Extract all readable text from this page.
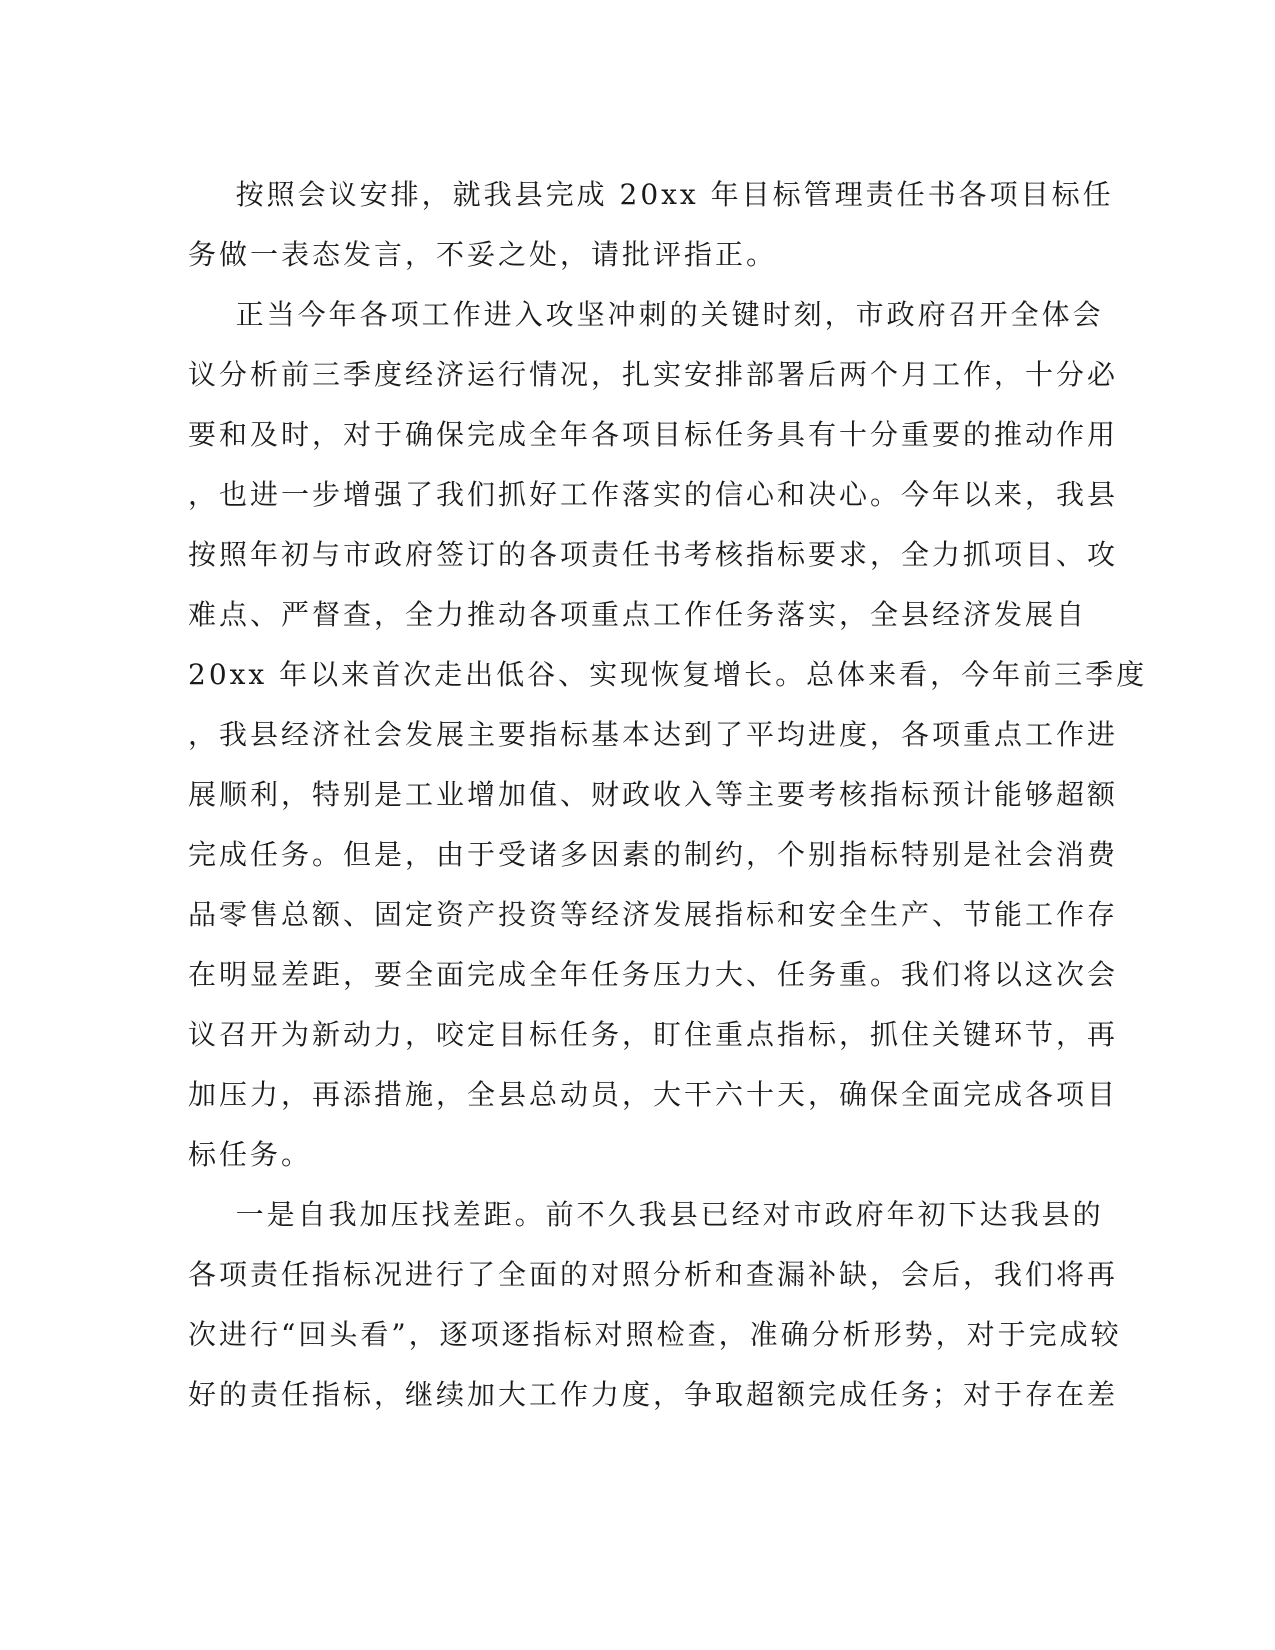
按照会议安排，就我县完成 20xx 年目标管理责任书各项目标任
务做一表态发言，不妥之处，请批评指正。
正当今年各项工作进入攻坚冲刺的关键时刻，市政府召开全体会
议分析前三季度经济运行情况，扎实安排部署后两个月工作，十分必
要和及时，对于确保完成全年各项目标任务具有十分重要的推动作用
，也进一步增强了我们抓好工作落实的信心和决心。今年以来，我县
按照年初与市政府签订的各项责任书考核指标要求，全力抓项目、攻
难点、严督查，全力推动各项重点工作任务落实，全县经济发展自
20xx 年以来首次走出低谷、实现恢复增长。总体来看，今年前三季度
，我县经济社会发展主要指标基本达到了平均进度，各项重点工作进
展顺利，特别是工业增加值、财政收入等主要考核指标预计能够超额
完成任务。但是，由于受诸多因素的制约，个别指标特别是社会消费
品零售总额、固定资产投资等经济发展指标和安全生产、节能工作存
在明显差距，要全面完成全年任务压力大、任务重。我们将以这次会
议召开为新动力，咬定目标任务，盯住重点指标，抓住关键环节，再
加压力，再添措施，全县总动员，大干六十天，确保全面完成各项目
标任务。
一是自我加压找差距。前不久我县已经对市政府年初下达我县的
各项责任指标况进行了全面的对照分析和查漏补缺，会后，我们将再
次进行“回头看”，逐项逐指标对照检查，准确分析形势，对于完成较
好的责任指标，继续加大工作力度，争取超额完成任务；对于存在差
